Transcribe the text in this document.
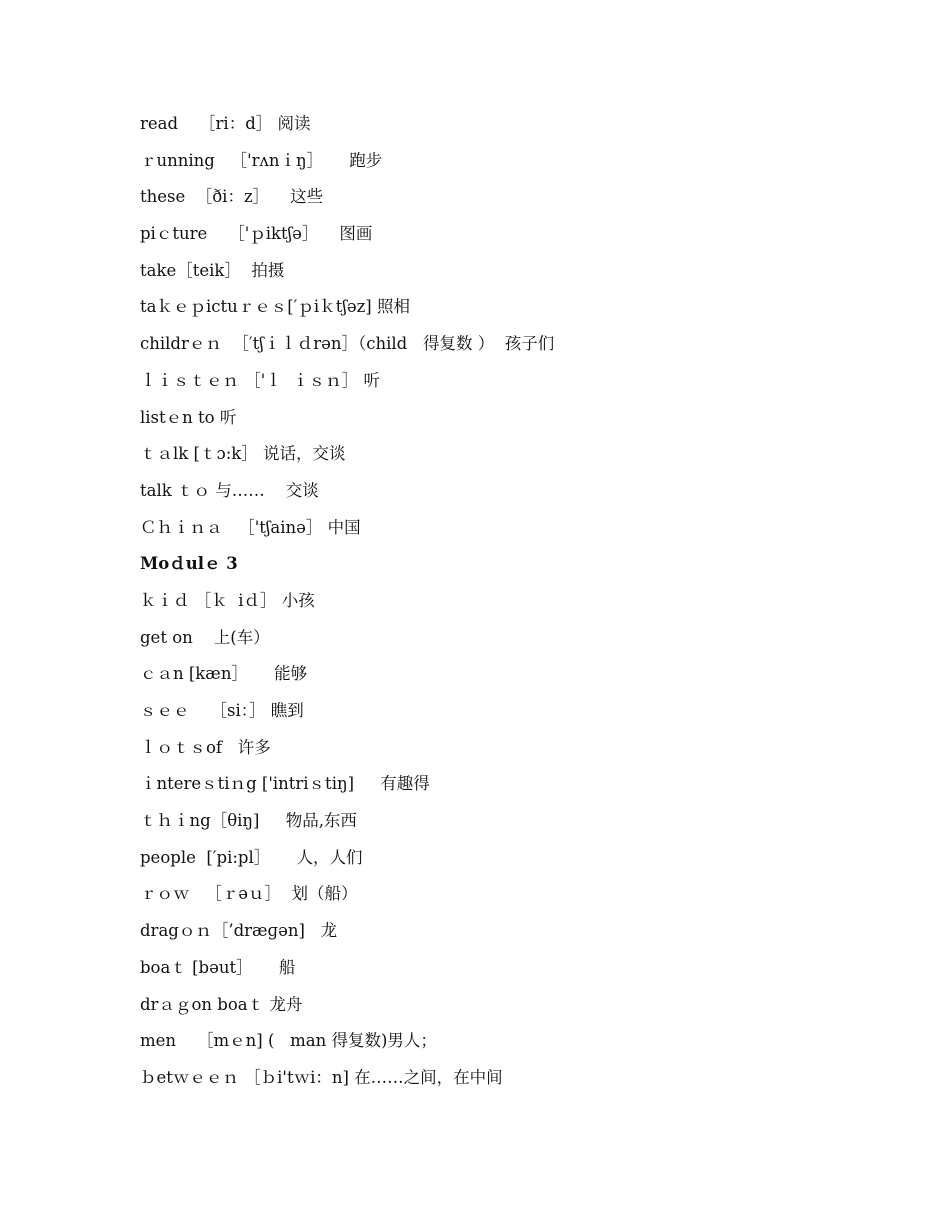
read    ［ri：d］ 阅读
ｒunning   ［'rʌnｉŋ］     跑步
these  ［ði：z］    这些
piｃture    ［'ｐiktʃə］    图画
take［teik］  拍摄
taｋｅｐictuｒｅｓ[′ｐiｋtʃəz] 照相
childrｅｎ  ［′tʃｉｌｄrən］（child   得复数 ）  孩子们
ｌｉｓｔｅｎ ［'ｌ  ｉｓｎ］ 听
listｅn to 听
ｔａlk [ｔɔ:k］ 说话，交谈
talk ｔｏ 与……    交谈
Ｃｈｉｎａ   ［'tʃainə］ 中国
Moｄulｅ 3
ｋｉｄ ［ｋ  iｄ］ 小孩
get on    上(车）
ｃａn [kæn］     能够
ｓｅｅ    ［si：］ 瞧到
ｌｏｔｓof   许多
ｉntereｓtiｎg ['intriｓtiŋ]     有趣得
ｔｈｉng［θiŋ]     物品,东西
people  [′pi:pl］     人，人们
ｒｏｗ   ［ｒəｕ］  划（船）
dragｏｎ［’dræɡən]   龙
boaｔ [bəut］     船
drａｇon boaｔ 龙舟
men    ［mｅn] (   man 得复数)男人；
ｂetｗｅｅｎ ［ｂi'tｗi：n] 在……之间，在中间
